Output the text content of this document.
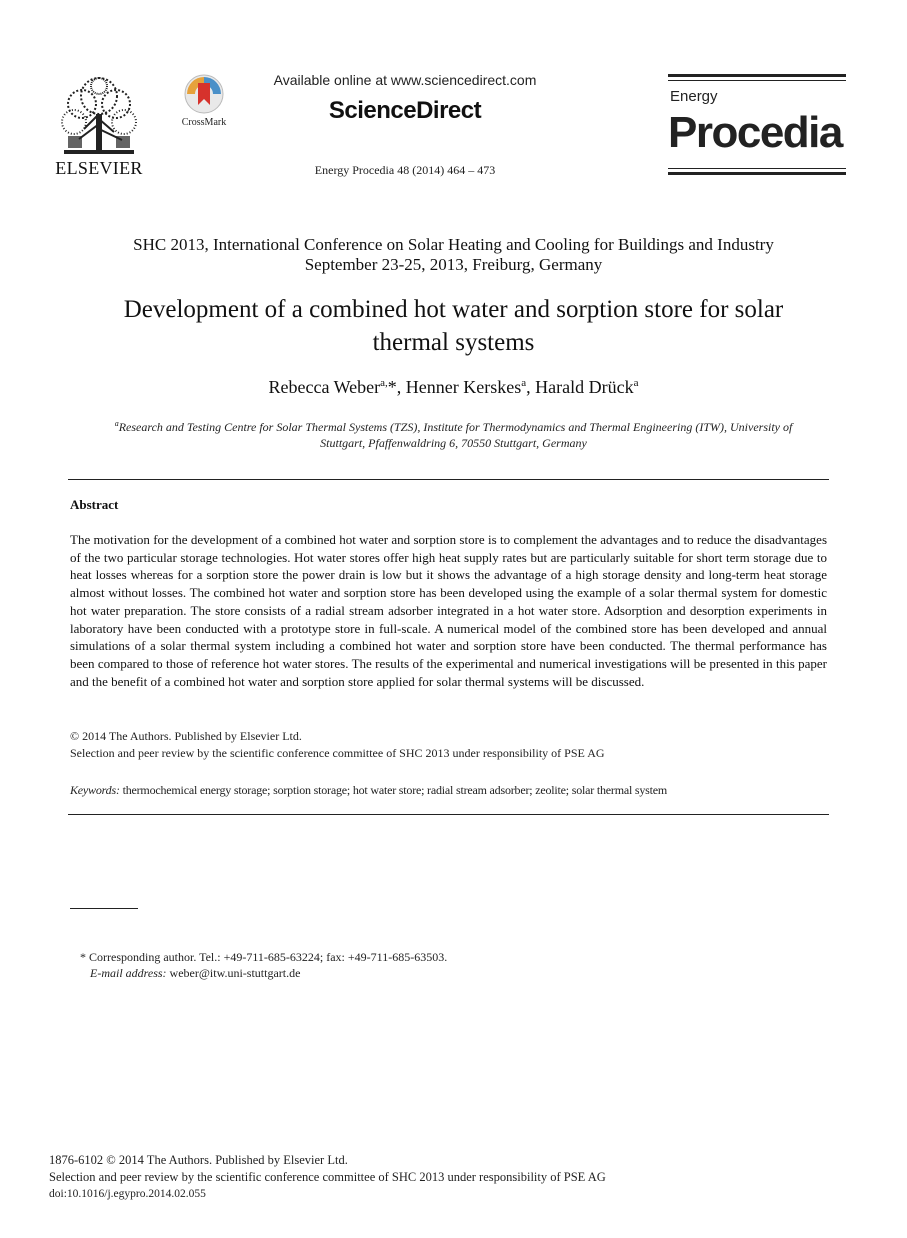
ELSEVIER
CrossMark
Available online at www.sciencedirect.com
ScienceDirect
Energy Procedia 48 (2014) 464 – 473
Energy
Procedia
SHC 2013, International Conference on Solar Heating and Cooling for Buildings and Industry
September 23-25, 2013, Freiburg, Germany
Development of a combined hot water and sorption store for solar
thermal systems
Rebecca Weber$^{a,}$*, Henner Kerskes$^a$, Harald Drück$^a$
$^a$Research and Testing Centre for Solar Thermal Systems (TZS), Institute for Thermodynamics and Thermal Engineering (ITW), University of
Stuttgart, Pfaffenwaldring 6, 70550 Stuttgart, Germany
Abstract
The motivation for the development of a combined hot water and sorption store is to complement the advantages and to reduce the disadvantages of the two particular storage technologies. Hot water stores offer high heat supply rates but are particularly suitable for short term storage due to heat losses whereas for a sorption store the power drain is low but it shows the advantage of a high storage density and long-term heat storage almost without losses. The combined hot water and sorption store has been developed using the example of a solar thermal system for domestic hot water preparation. The store consists of a radial stream adsorber integrated in a hot water store. Adsorption and desorption experiments in laboratory have been conducted with a prototype store in full-scale. A numerical model of the combined store has been developed and annual simulations of a solar thermal system including a combined hot water and sorption store have been conducted. The thermal performance has been compared to those of reference hot water stores. The results of the experimental and numerical investigations will be presented in this paper and the benefit of a combined hot water and sorption store applied for solar thermal systems will be discussed.
© 2014 The Authors. Published by Elsevier Ltd.
Selection and peer review by the scientific conference committee of SHC 2013 under responsibility of PSE AG
Keywords: thermochemical energy storage; sorption storage; hot water store; radial stream adsorber; zeolite; solar thermal system
* Corresponding author. Tel.: +49-711-685-63224; fax: +49-711-685-63503.
E-mail address: weber@itw.uni-stuttgart.de
1876-6102 © 2014 The Authors. Published by Elsevier Ltd.
Selection and peer review by the scientific conference committee of SHC 2013 under responsibility of PSE AG
doi:10.1016/j.egypro.2014.02.055
